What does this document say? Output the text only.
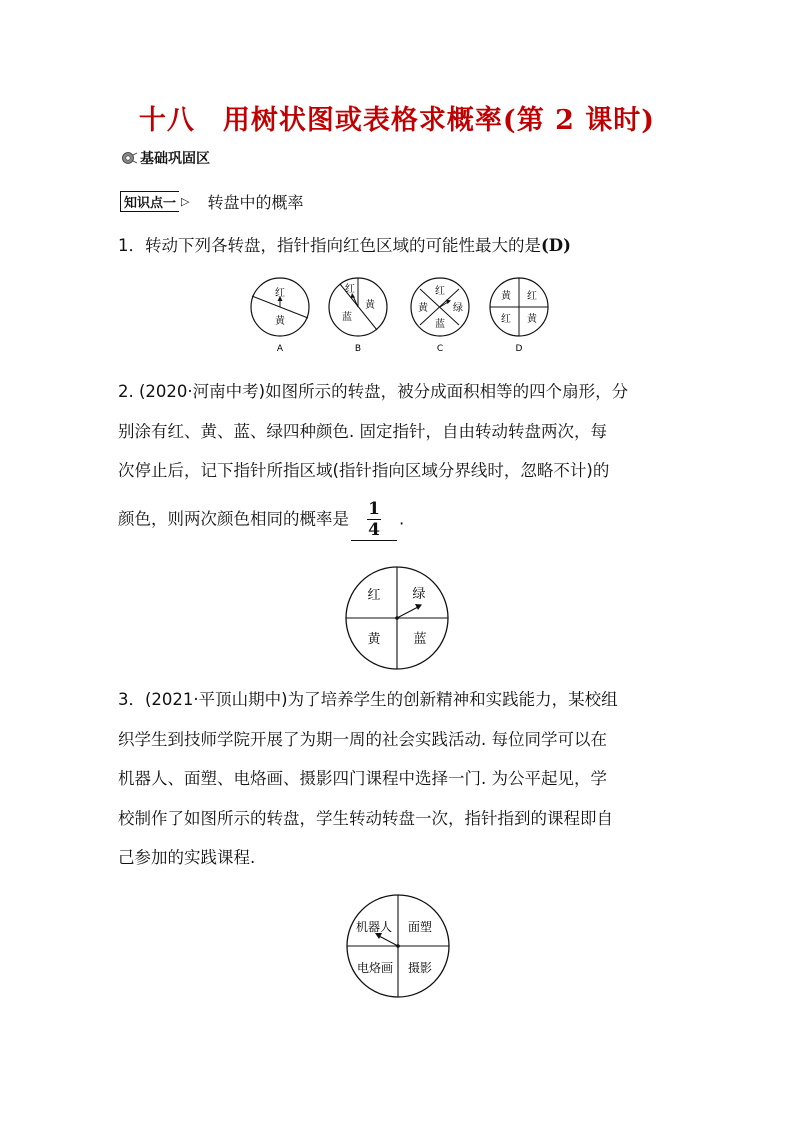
十八　用树状图或表格求概率(第 2 课时)
基础巩固区
知识点一 ▷ 转盘中的概率
1．转动下列各转盘，指针指向红色区域的可能性最大的是(D)
红
黄
A
红
黄
蓝
B
红
黄	绿
蓝
C
黄 红
红 黄
D
2. (2020·河南中考)如图所示的转盘，被分成面积相等的四个扇形，分
别涂有红、黄、蓝、绿四种颜色. 固定指针，自由转动转盘两次，每
次停止后，记下指针所指区域(指针指向区域分界线时，忽略不计)的
颜色，则两次颜色相同的概率是 $\frac{1}{4}$ .
红 绿
黄	蓝
3．(2021·平顶山期中)为了培养学生的创新精神和实践能力，某校组
织学生到技师学院开展了为期一周的社会实践活动. 每位同学可以在
机器人、面塑、电烙画、摄影四门课程中选择一门. 为公平起见，学
校制作了如图所示的转盘，学生转动转盘一次，指针指到的课程即自
己参加的实践课程.
机器人 面塑
电烙画 摄影
